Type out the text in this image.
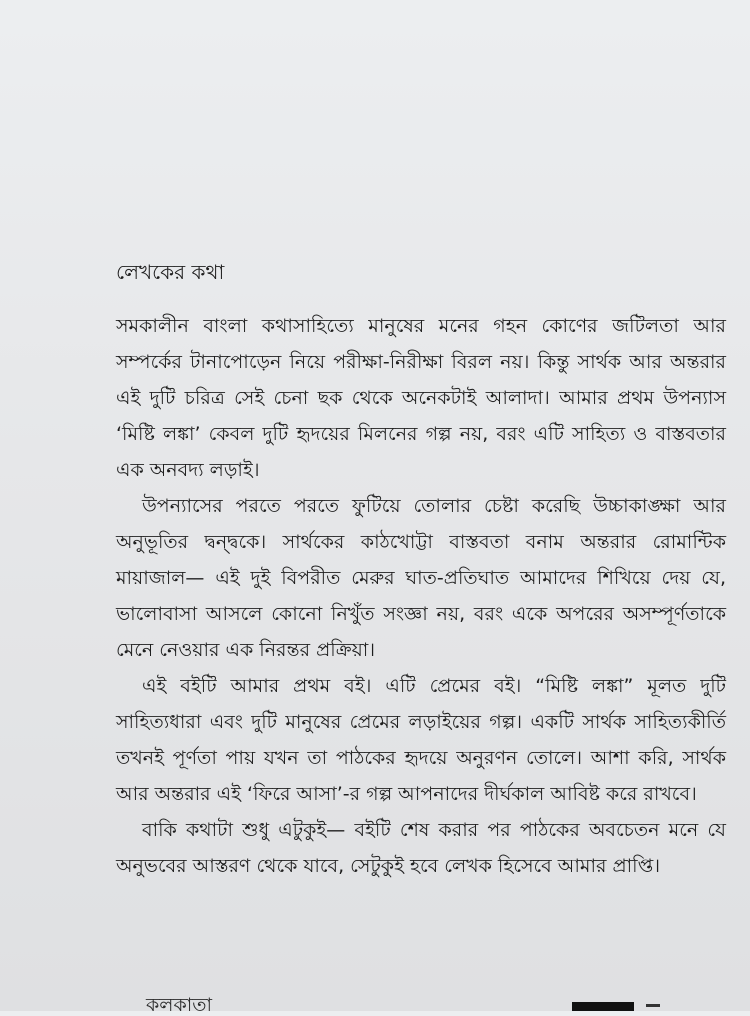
লেখকের কথা

সমকালীন বাংলা কথাসাহিত্যে মানুষের মনের গহন কোণের জটিলতা আর সম্পর্কের টানাপোড়েন নিয়ে পরীক্ষা-নিরীক্ষা বিরল নয়। কিন্তু সার্থক আর অন্তরার এই দুটি চরিত্র সেই চেনা ছক থেকে অনেকটাই আলাদা। আমার প্রথম উপন্যাস ‘মিষ্টি লঙ্কা’ কেবল দুটি হৃদয়ের মিলনের গল্প নয়, বরং এটি সাহিত্য ও বাস্তবতার এক অনবদ্য লড়াই।

উপন্যাসের পরতে পরতে ফুটিয়ে তোলার চেষ্টা করেছি উচ্চাকাঙ্ক্ষা আর অনুভূতির দ্বন্দ্বকে। সার্থকের কাঠখোট্টা বাস্তবতা বনাম অন্তরার রোমান্টিক মায়াজাল— এই দুই বিপরীত মেরুর ঘাত-প্রতিঘাত আমাদের শিখিয়ে দেয় যে, ভালোবাসা আসলে কোনো নিখুঁত সংজ্ঞা নয়, বরং একে অপরের অসম্পূর্ণতাকে মেনে নেওয়ার এক নিরন্তর প্রক্রিয়া।

এই বইটি আমার প্রথম বই। এটি প্রেমের বই। “মিষ্টি লঙ্কা” মূলত দুটি সাহিত্যধারা এবং দুটি মানুষের প্রেমের লড়াইয়ের গল্প। একটি সার্থক সাহিত্যকীর্তি তখনই পূর্ণতা পায় যখন তা পাঠকের হৃদয়ে অনুরণন তোলে। আশা করি, সার্থক আর অন্তরার এই ‘ফিরে আসা’-র গল্প আপনাদের দীর্ঘকাল আবিষ্ট করে রাখবে।

বাকি কথাটা শুধু এটুকুই— বইটি শেষ করার পর পাঠকের অবচেতন মনে যে অনুভবের আস্তরণ থেকে যাবে, সেটুকুই হবে লেখক হিসেবে আমার প্রাপ্তি।

কলকাতা
